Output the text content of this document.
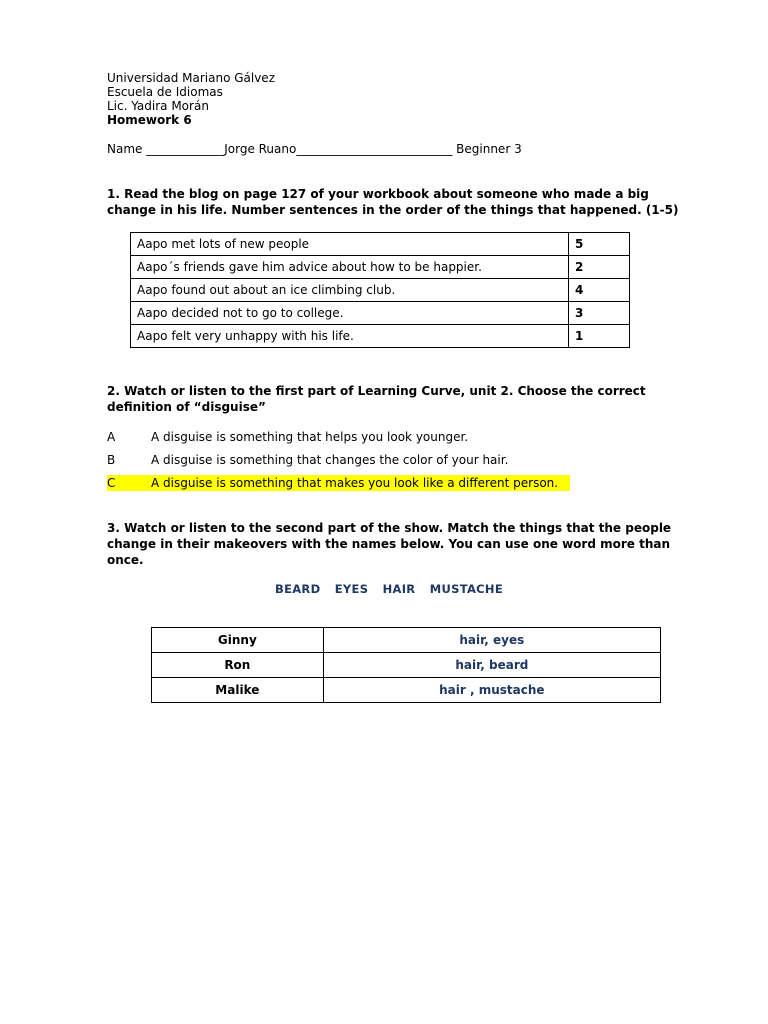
Universidad Mariano Gálvez
Escuela de Idiomas
Lic. Yadira Morán
Homework 6
Name _____________Jorge Ruano__________________________ Beginner 3
1. Read the blog on page 127 of your workbook about someone who made a big
change in his life. Number sentences in the order of the things that happened. (1-5)
Aapo met lots of new people	5
Aapo´s friends gave him advice about how to be happier.	2
Aapo found out about an ice climbing club.	4
Aapo decided not to go to college.	3
Aapo felt very unhappy with his life.	1
2. Watch or listen to the first part of Learning Curve, unit 2. Choose the correct
definition of “disguise”
A	A disguise is something that helps you look younger.
B	A disguise is something that changes the color of your hair.
C	A disguise is something that makes you look like a different person.
3. Watch or listen to the second part of the show. Match the things that the people
change in their makeovers with the names below. You can use one word more than
once.
BEARD EYES HAIR MUSTACHE
Ginny	hair, eyes
Ron	hair, beard
Malike	hair , mustache
